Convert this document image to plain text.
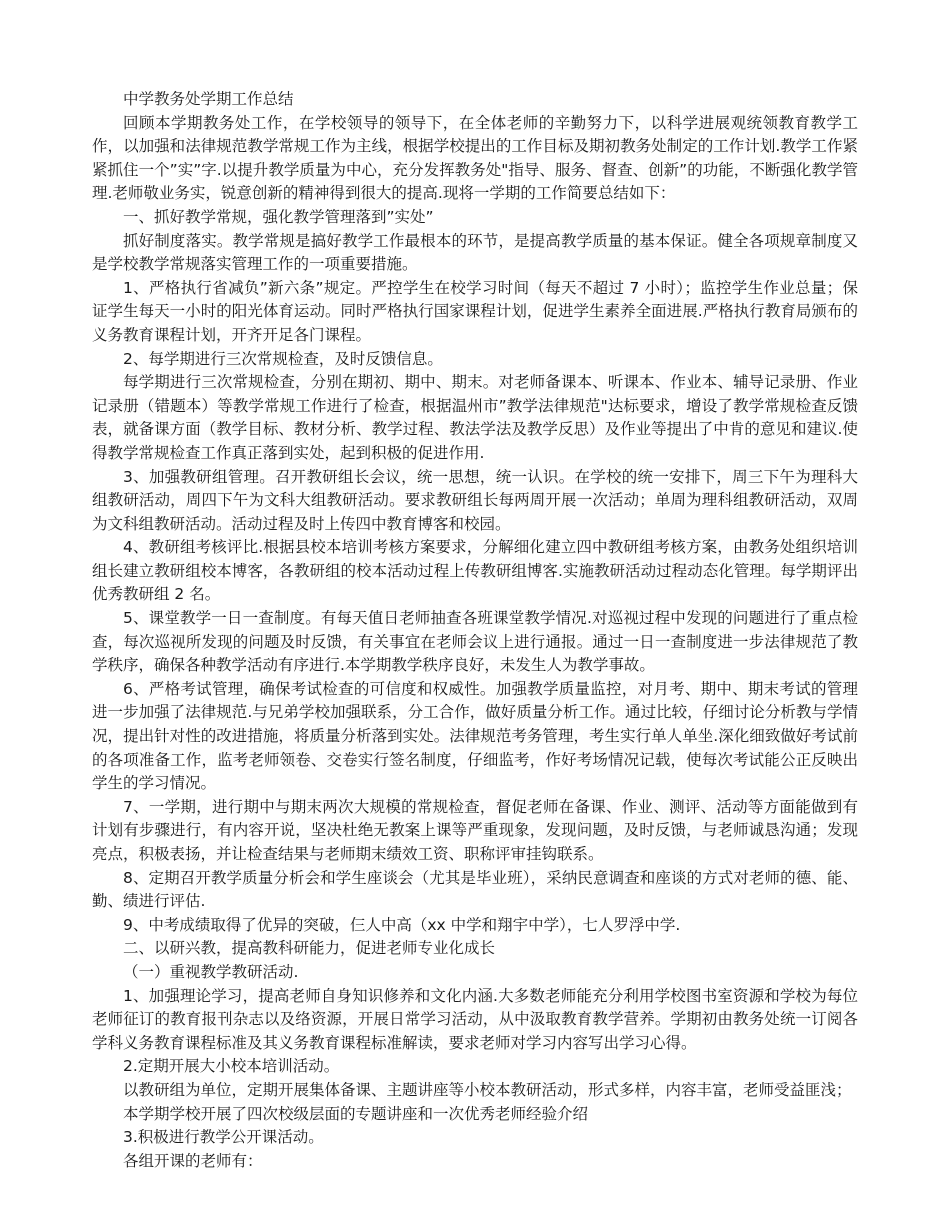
中学教务处学期工作总结

回顾本学期教务处工作，在学校领导的领导下，在全体老师的辛勤努力下，以科学进展观统领教育教学工作，以加强和法律规范教学常规工作为主线，根据学校提出的工作目标及期初教务处制定的工作计划.教学工作紧紧抓住一个”实”字.以提升教学质量为中心，充分发挥教务处"指导、服务、督查、创新”的功能，不断强化教学管理.老师敬业务实，锐意创新的精神得到很大的提高.现将一学期的工作简要总结如下：

一、抓好教学常规，强化教学管理落到”实处”

抓好制度落实。教学常规是搞好教学工作最根本的环节，是提高教学质量的基本保证。健全各项规章制度又是学校教学常规落实管理工作的一项重要措施。

1、严格执行省减负”新六条”规定。严控学生在校学习时间（每天不超过 7 小时）；监控学生作业总量；保证学生每天一小时的阳光体育运动。同时严格执行国家课程计划，促进学生素养全面进展.严格执行教育局颁布的义务教育课程计划，开齐开足各门课程。

2、每学期进行三次常规检查，及时反馈信息。

每学期进行三次常规检查，分别在期初、期中、期末。对老师备课本、听课本、作业本、辅导记录册、作业记录册（错题本）等教学常规工作进行了检查，根据温州市”教学法律规范"达标要求，增设了教学常规检查反馈表，就备课方面（教学目标、教材分析、教学过程、教法学法及教学反思）及作业等提出了中肯的意见和建议.使得教学常规检查工作真正落到实处，起到积极的促进作用.

3、加强教研组管理。召开教研组长会议，统一思想，统一认识。在学校的统一安排下，周三下午为理科大组教研活动，周四下午为文科大组教研活动。要求教研组长每两周开展一次活动；单周为理科组教研活动，双周为文科组教研活动。活动过程及时上传四中教育博客和校园。

4、教研组考核评比.根据县校本培训考核方案要求，分解细化建立四中教研组考核方案，由教务处组织培训组长建立教研组校本博客，各教研组的校本活动过程上传教研组博客.实施教研活动过程动态化管理。每学期评出优秀教研组 2 名。

5、课堂教学一日一查制度。有每天值日老师抽查各班课堂教学情况.对巡视过程中发现的问题进行了重点检查，每次巡视所发现的问题及时反馈，有关事宜在老师会议上进行通报。通过一日一查制度进一步法律规范了教学秩序，确保各种教学活动有序进行.本学期教学秩序良好，未发生人为教学事故。

6、严格考试管理，确保考试检查的可信度和权威性。加强教学质量监控，对月考、期中、期末考试的管理进一步加强了法律规范.与兄弟学校加强联系，分工合作，做好质量分析工作。通过比较，仔细讨论分析教与学情况，提出针对性的改进措施，将质量分析落到实处。法律规范考务管理，考生实行单人单坐.深化细致做好考试前的各项准备工作，监考老师领卷、交卷实行签名制度，仔细监考，作好考场情况记载，使每次考试能公正反映出学生的学习情况。

7、一学期，进行期中与期末两次大规模的常规检查，督促老师在备课、作业、测评、活动等方面能做到有计划有步骤进行，有内容开说，坚决杜绝无教案上课等严重现象，发现问题，及时反馈，与老师诚恳沟通；发现亮点，积极表扬，并让检查结果与老师期末绩效工资、职称评审挂钩联系。

8、定期召开教学质量分析会和学生座谈会（尤其是毕业班），采纳民意调查和座谈的方式对老师的德、能、勤、绩进行评估.

9、中考成绩取得了优异的突破，仨人中高（xx 中学和翔宇中学），七人罗浮中学.

二、以研兴教，提高教科研能力，促进老师专业化成长

（一）重视教学教研活动.

1、加强理论学习，提高老师自身知识修养和文化内涵.大多数老师能充分利用学校图书室资源和学校为每位老师征订的教育报刊杂志以及络资源，开展日常学习活动，从中汲取教育教学营养。学期初由教务处统一订阅各学科义务教育课程标准及其义务教育课程标准解读，要求老师对学习内容写出学习心得。

2.定期开展大小校本培训活动。

以教研组为单位，定期开展集体备课、主题讲座等小校本教研活动，形式多样，内容丰富，老师受益匪浅；

本学期学校开展了四次校级层面的专题讲座和一次优秀老师经验介绍

3.积极进行教学公开课活动。

各组开课的老师有：
